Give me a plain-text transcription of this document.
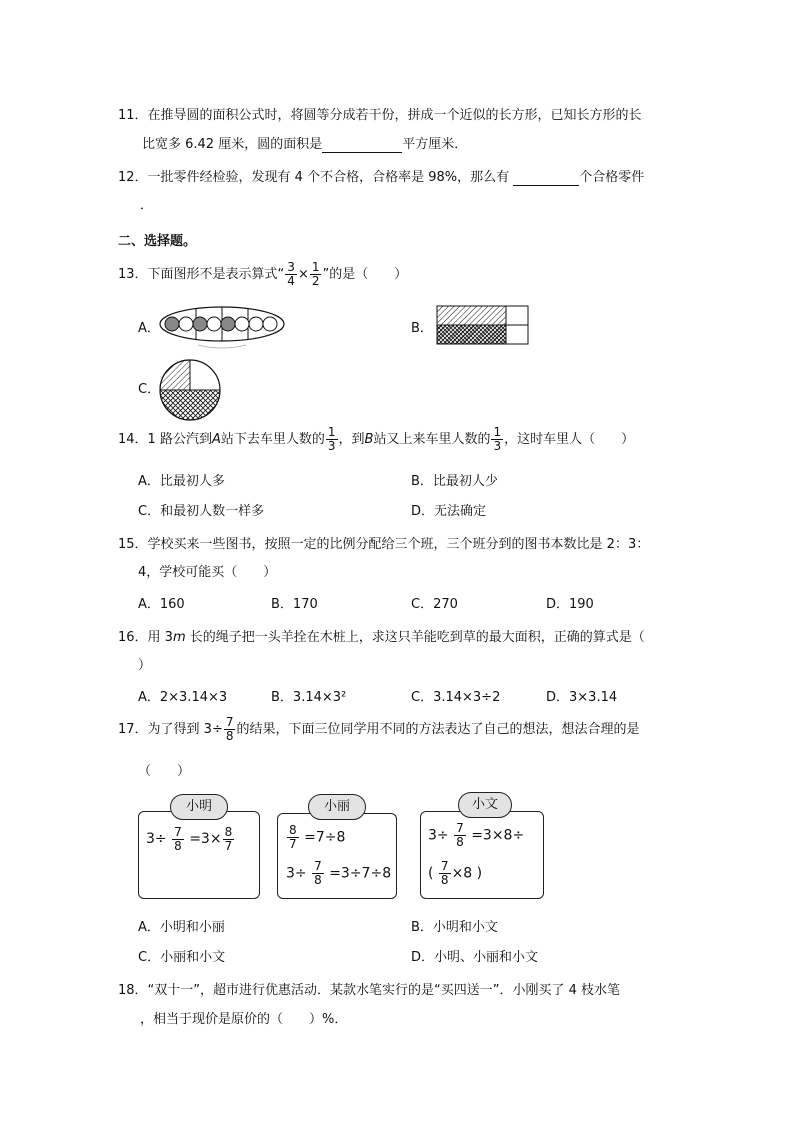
11．在推导圆的面积公式时，将圆等分成若干份，拼成一个近似的长方形，已知长方形的长
比宽多 6.42 厘米，圆的面积是	平方厘米．
12．一批零件经检验，发现有 4 个不合格，合格率是 98%，那么有	个合格零件
．
二、选择题。
13．下面图形不是表示算式“ $\frac{3}{4} \times \frac{1}{2}$ ”的是（　　）
A．	B．
C．
14．1 路公汽到A站下去车里人数的 $\frac{1}{3}$ ，到B站又上来车里人数的 $\frac{1}{3}$ ，这时车里人（　　）
A．比最初人多	B．比最初人少
C．和最初人数一样多	D．无法确定
15．学校买来一些图书，按照一定的比例分配给三个班，三个班分到的图书本数比是 2：3：
4，学校可能买（　　）
A．160	B．170	C．270	D．190
16．用 3m 长的绳子把一头羊拴在木桩上，求这只羊能吃到草的最大面积，正确的算式是（
）
A．2×3.14×3	B．3.14×3²	C．3.14×3÷2	D．3×3.14
17．为了得到 $3\div \frac{7}{8}$ 的结果，下面三位同学用不同的方法表达了自己的想法，想法合理的是
（　　）
小明
$3\div \frac{7}{8} =3\times \frac{8}{7}$
小丽
$\frac{8}{7} =7\div 8$
$3\div \frac{7}{8} =3\div 7\div 8$
小文
$3\div \frac{7}{8} =3\times 8\div$
( $\frac{7}{8} \times 8$ )
A．小明和小丽	B．小明和小文
C．小丽和小文	D．小明、小丽和小文
18．“双十一”，超市进行优惠活动．某款水笔实行的是“买四送一”．小刚买了 4 枝水笔
，相当于现价是原价的（　　）%．
